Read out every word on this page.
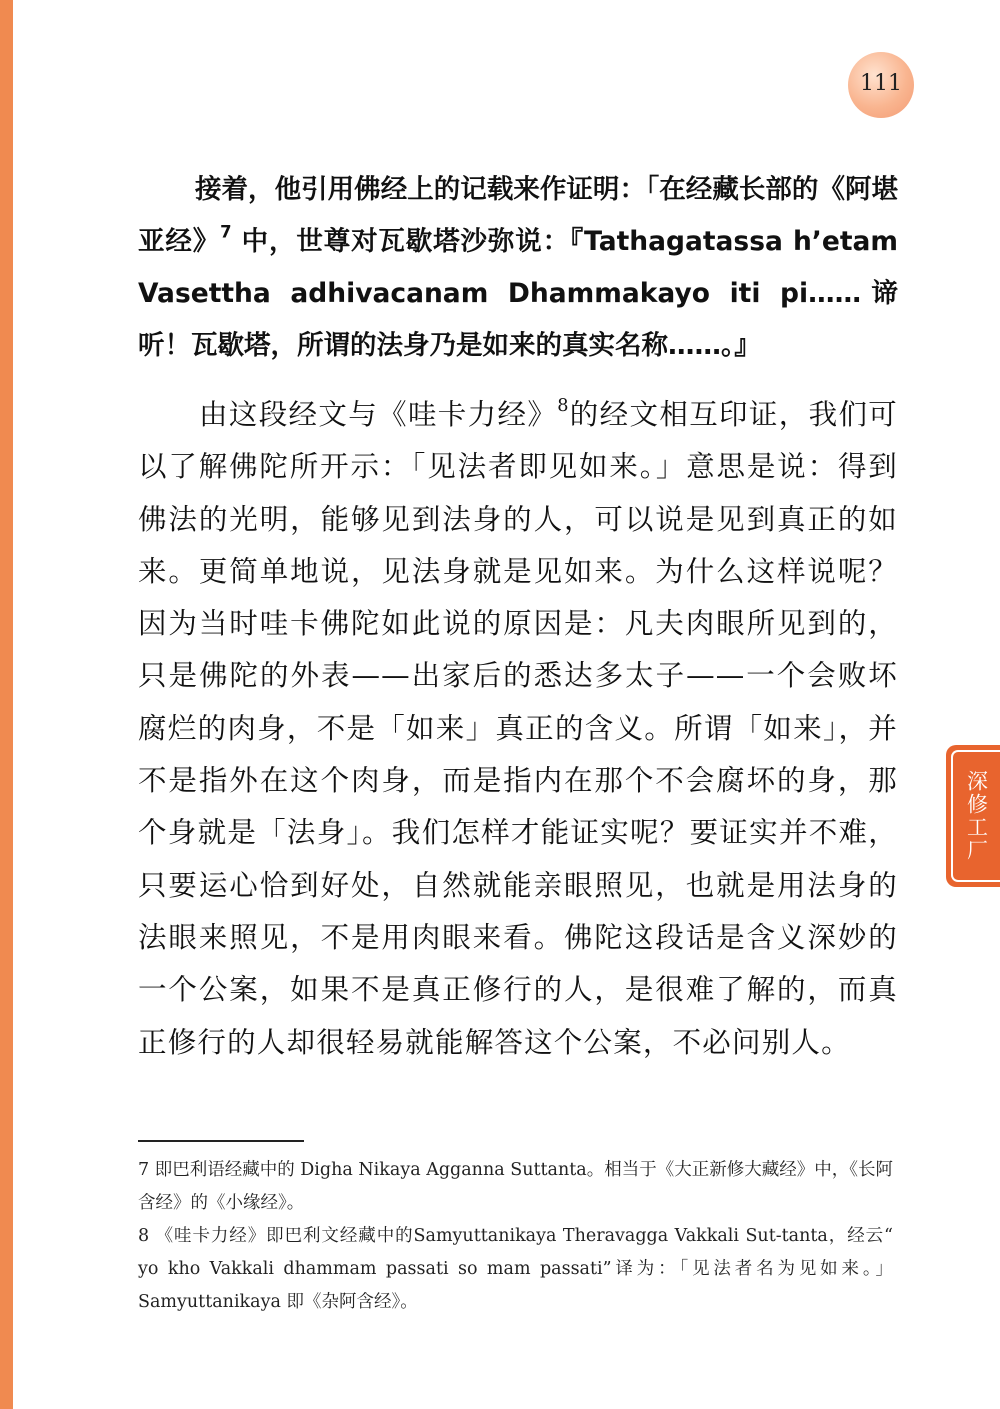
111
深修工厂

接着，他引用佛经上的记载来作证明：「在经藏长部的《阿堪亚经》$^7$ 中，世尊对瓦歇塔沙弥说：『Tathagatassa h’etam Vasettha adhivacanam Dhammakayo iti pi……谛听！瓦歇塔，所谓的法身乃是如来的真实名称……。』

由这段经文与《哇卡力经》$^8$的经文相互印证，我们可以了解佛陀所开示：「见法者即见如来。」意思是说：得到佛法的光明，能够见到法身的人，可以说是见到真正的如来。更简单地说，见法身就是见如来。为什么这样说呢？因为当时哇卡佛陀如此说的原因是：凡夫肉眼所见到的，只是佛陀的外表——出家后的悉达多太子——一个会败坏腐烂的肉身，不是「如来」真正的含义。所谓「如来」，并不是指外在这个肉身，而是指内在那个不会腐坏的身，那个身就是「法身」。我们怎样才能证实呢？要证实并不难，只要运心恰到好处，自然就能亲眼照见，也就是用法身的法眼来照见，不是用肉眼来看。佛陀这段话是含义深妙的一个公案，如果不是真正修行的人，是很难了解的，而真正修行的人却很轻易就能解答这个公案，不必问别人。

7 即巴利语经藏中的 Digha Nikaya Agganna Suttanta。相当于《大正新修大藏经》中，《长阿含经》的《小缘经》。

8 《哇卡力经》即巴利文经藏中的Samyuttanikaya Theravagga Vakkali Sut-tanta，经云“ yo kho Vakkali dhammam passati so mam passati”译为：「见法者名为见如来。」Samyuttanikaya 即《杂阿含经》。
